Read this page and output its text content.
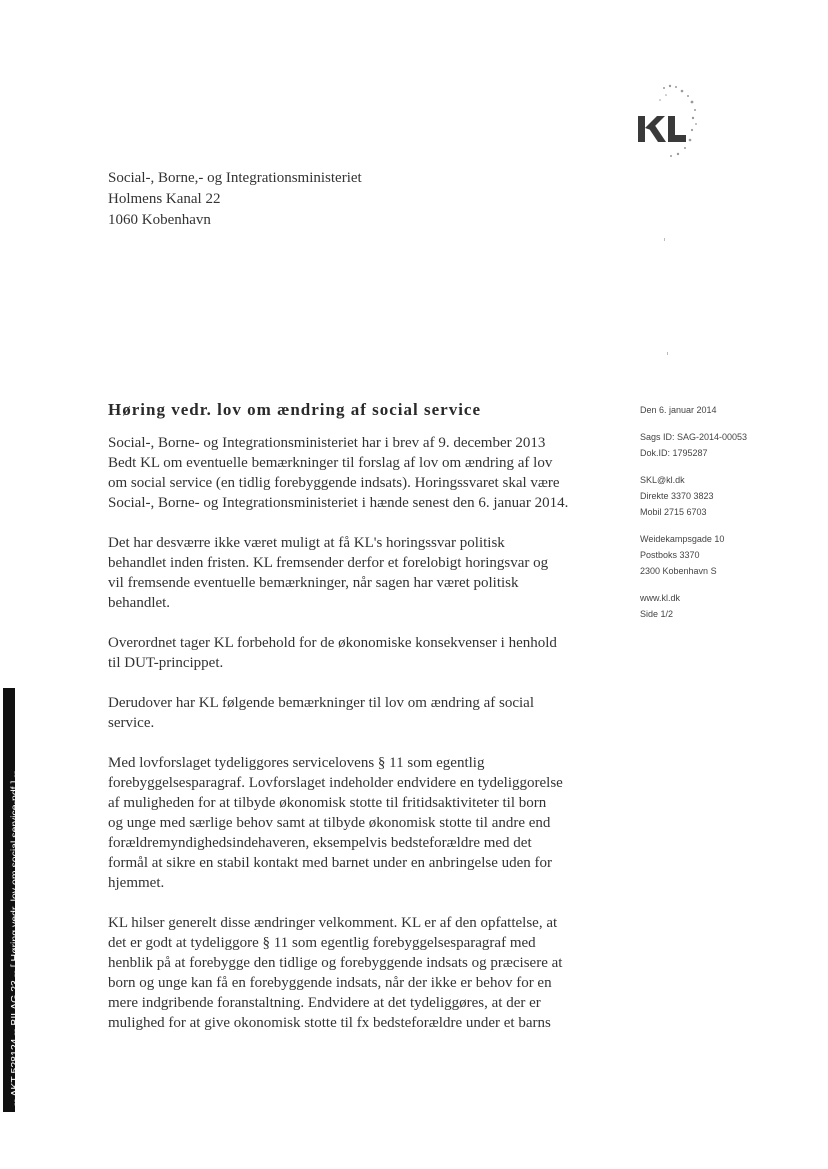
Social-, Borne,- og Integrationsministeriet
Holmens Kanal 22
1060 Kobenhavn
Høring vedr. lov om ændring af social service

Social-, Borne- og Integrationsministeriet har i brev af 9. december 2013
Bedt KL om eventuelle bemærkninger til forslag af lov om ændring af lov
om social service (en tidlig forebyggende indsats). Horingssvaret skal være
Social-, Borne- og Integrationsministeriet i hænde senest den 6. januar 2014.

Det har desværre ikke været muligt at få KL's horingssvar politisk
behandlet inden fristen. KL fremsender derfor et forelobigt horingsvar og
vil fremsende eventuelle bemærkninger, når sagen har været politisk
behandlet.

Overordnet tager KL forbehold for de økonomiske konsekvenser i henhold
til DUT-princippet.

Derudover har KL følgende bemærkninger til lov om ændring af social
service.

Med lovforslaget tydeliggores servicelovens § 11 som egentlig
forebyggelsesparagraf. Lovforslaget indeholder endvidere en tydeliggorelse
af muligheden for at tilbyde økonomisk stotte til fritidsaktiviteter til born
og unge med særlige behov samt at tilbyde økonomisk stotte til andre end
forældremyndighedsindehaveren, eksempelvis bedsteforældre med det
formål at sikre en stabil kontakt med barnet under en anbringelse uden for
hjemmet.

KL hilser generelt disse ændringer velkomment. KL er af den opfattelse, at
det er godt at tydeliggore § 11 som egentlig forebyggelsesparagraf med
henblik på at forebygge den tidlige og forebyggende indsats og præcisere at
born og unge kan få en forebyggende indsats, når der ikke er behov for en
mere indgribende foranstaltning. Endvidere at det tydeliggøres, at der er
mulighed for at give okonomisk stotte til fx bedsteforældre under et barns

Den 6. januar 2014
Sags ID: SAG-2014-00053
Dok.ID: 1795287
SKL@kl.dk
Direkte 3370 3823
Mobil 2715 6703
Weidekampsgade 10
Postboks 3370
2300 Kobenhavn S
www.kl.dk
Side 1/2
-- AKT 528124 -- BILAG 23 -- [ Høring vedr. lov om social service-pdf ] --
